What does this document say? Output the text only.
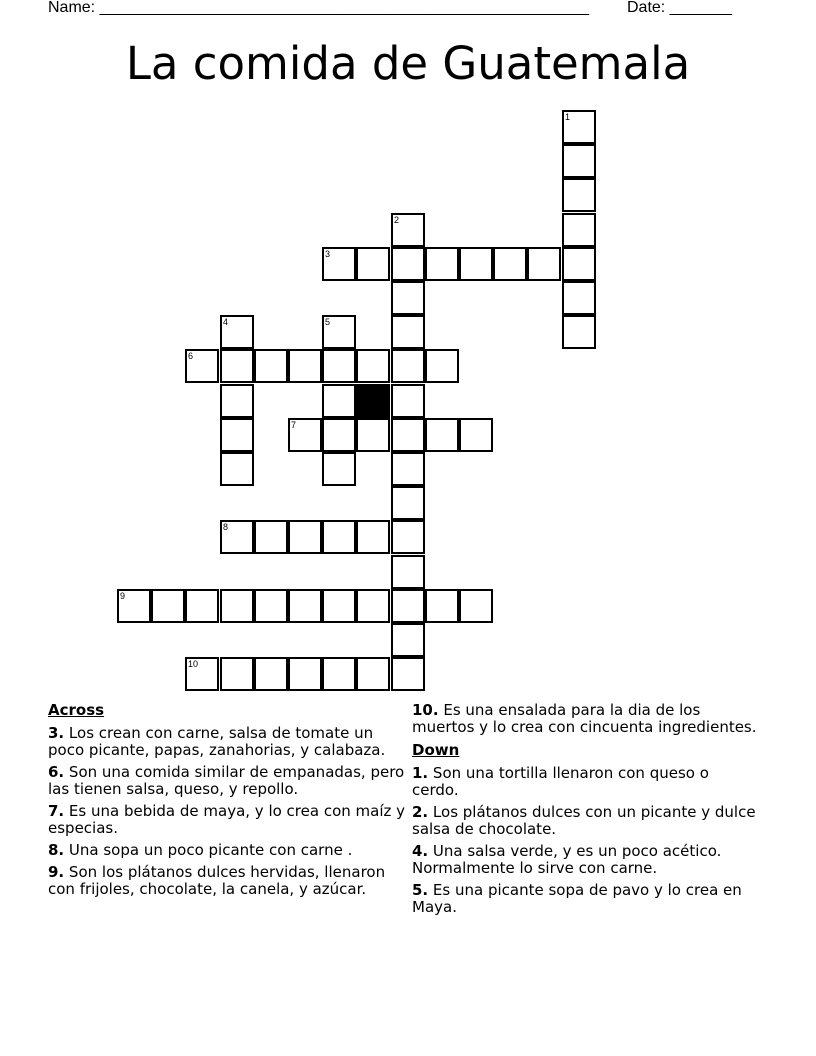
Name: _______________________________________________________ Date: _______
La comida de Guatemala
1
2
3
4	5
6
7
8
9
10
Across
3. Los crean con carne, salsa de tomate un poco picante, papas, zanahorias, y calabaza.
6. Son una comida similar de empanadas, pero las tienen salsa, queso, y repollo.
7. Es una bebida de maya, y lo crea con maíz y especias.
8. Una sopa un poco picante con carne .
9. Son los plátanos dulces hervidas, llenaron con frijoles, chocolate, la canela, y azúcar.
10. Es una ensalada para la dia de los muertos y lo crea con cincuenta ingredientes.
Down
1. Son una tortilla llenaron con queso o cerdo.
2. Los plátanos dulces con un picante y dulce salsa de chocolate.
4. Una salsa verde, y es un poco acético. Normalmente lo sirve con carne.
5. Es una picante sopa de pavo y lo crea en Maya.
